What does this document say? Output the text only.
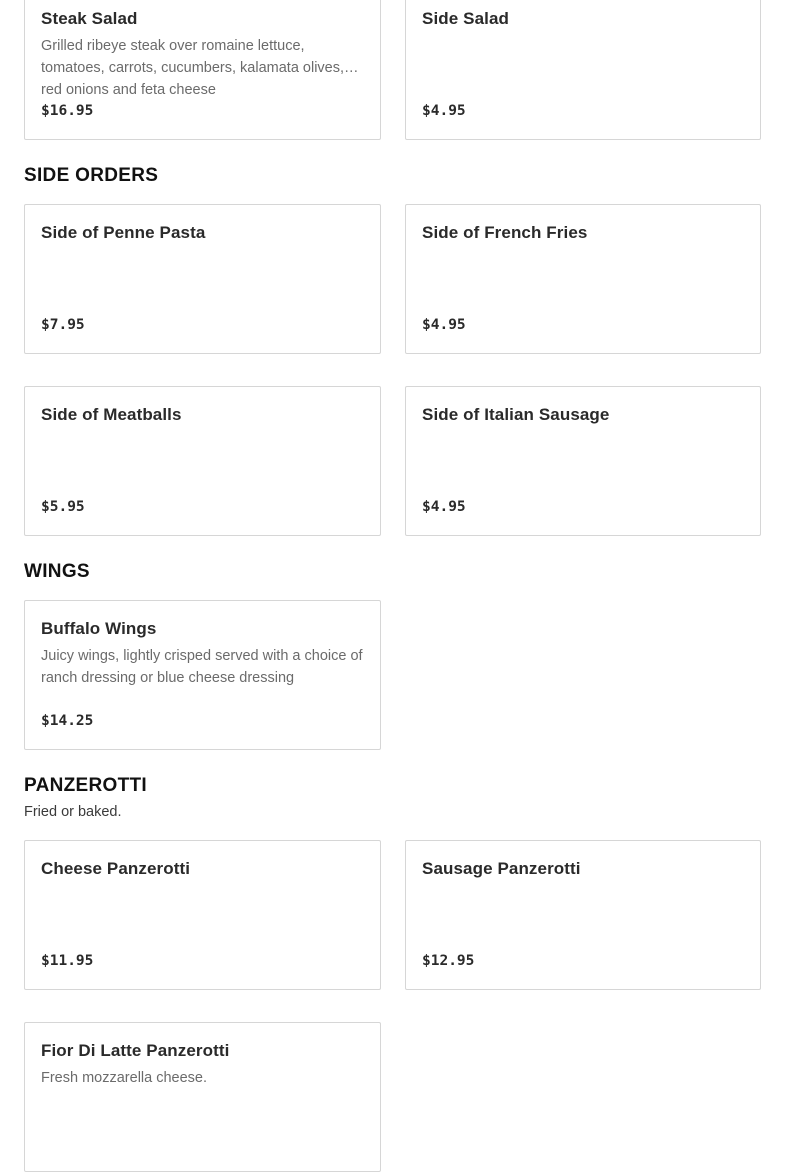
Steak Salad
Grilled ribeye steak over romaine lettuce, tomatoes, carrots, cucumbers, kalamata olives, red onions and feta cheese
$16.95
Side Salad
$4.95
SIDE ORDERS
Side of Penne Pasta
$7.95
Side of French Fries
$4.95
Side of Meatballs
$5.95
Side of Italian Sausage
$4.95
WINGS
Buffalo Wings
Juicy wings, lightly crisped served with a choice of ranch dressing or blue cheese dressing
$14.25
PANZEROTTI
Fried or baked.
Cheese Panzerotti
$11.95
Sausage Panzerotti
$12.95
Fior Di Latte Panzerotti
Fresh mozzarella cheese.
